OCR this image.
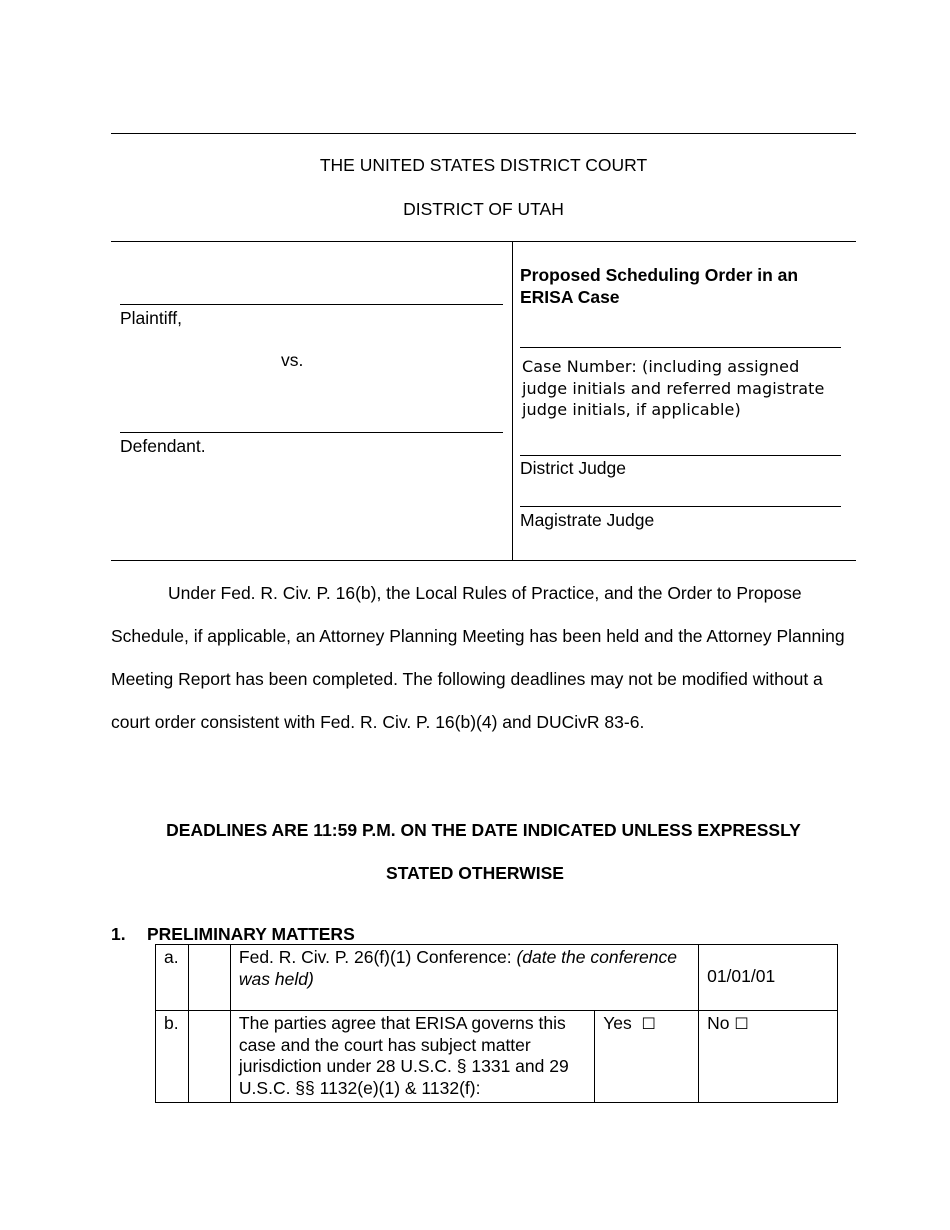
THE UNITED STATES DISTRICT COURT
DISTRICT OF UTAH
Plaintiff,
vs.
Defendant.
Proposed Scheduling Order in an ERISA Case
Case Number: (including assigned judge initials and referred magistrate judge initials, if applicable)
District Judge
Magistrate Judge
Under Fed. R. Civ. P. 16(b), the Local Rules of Practice, and the Order to Propose Schedule, if applicable, an Attorney Planning Meeting has been held and the Attorney Planning Meeting Report has been completed. The following deadlines may not be modified without a court order consistent with Fed. R. Civ. P. 16(b)(4) and DUCivR 83-6.
DEADLINES ARE 11:59 P.M. ON THE DATE INDICATED UNLESS EXPRESSLY
STATED OTHERWISE
1. PRELIMINARY MATTERS
a.		Fed. R. Civ. P. 26(f)(1) Conference: (date the conference was held)		01/01/01
b.		The parties agree that ERISA governs this case and the court has subject matter jurisdiction under 28 U.S.C. § 1331 and 29 U.S.C. §§ 1132(e)(1) & 1132(f):	Yes ☐	No ☐
